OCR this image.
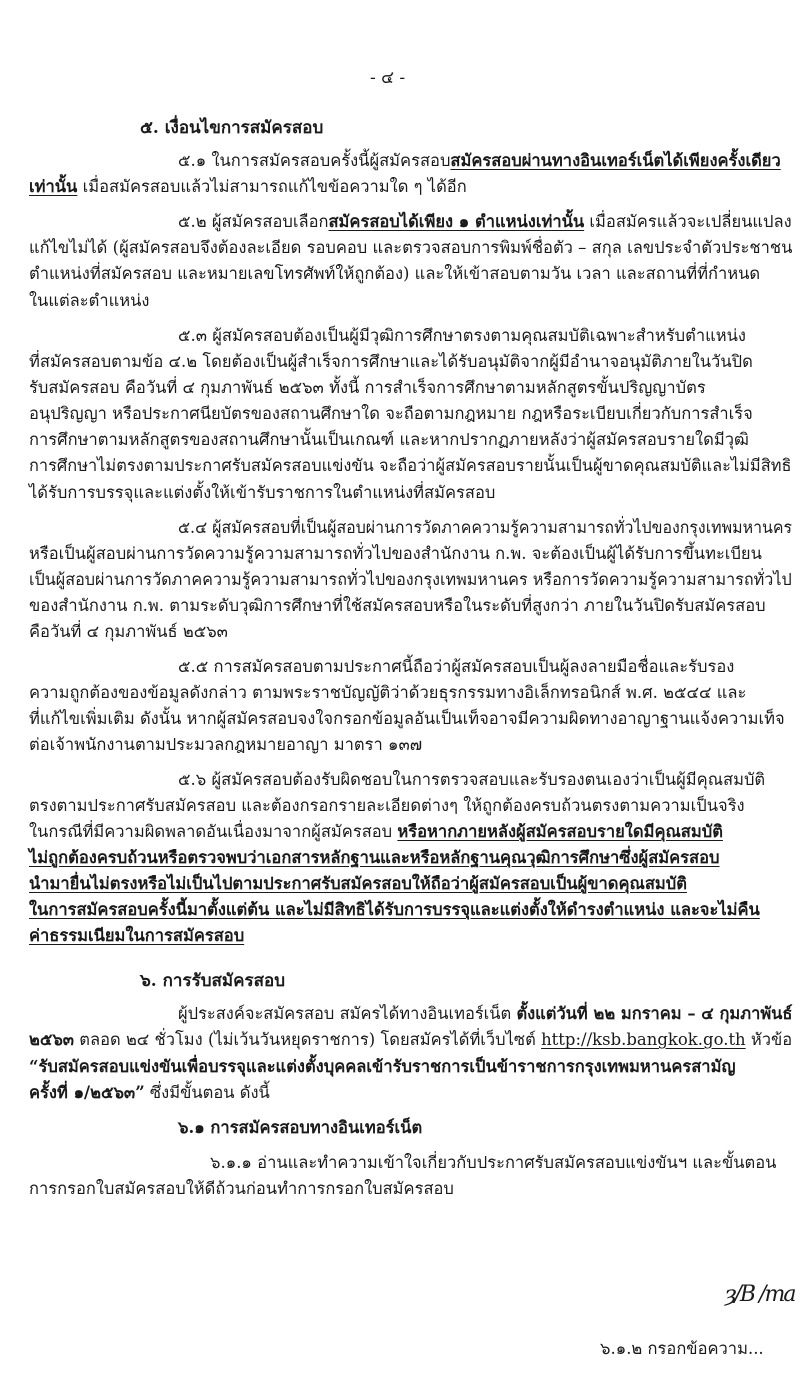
- ๔ -
๕. เงื่อนไขการสมัครสอบ
๕.๑ ในการสมัครสอบครั้งนี้ผู้สมัครสอบสมัครสอบผ่านทางอินเทอร์เน็ตได้เพียงครั้งเดียว
เท่านั้น เมื่อสมัครสอบแล้วไม่สามารถแก้ไขข้อความใด ๆ ได้อีก
๕.๒ ผู้สมัครสอบเลือกสมัครสอบได้เพียง ๑ ตำแหน่งเท่านั้น เมื่อสมัครแล้วจะเปลี่ยนแปลง
แก้ไขไม่ได้ (ผู้สมัครสอบจึงต้องละเอียด รอบคอบ และตรวจสอบการพิมพ์ชื่อตัว – สกุล เลขประจำตัวประชาชน
ตำแหน่งที่สมัครสอบ และหมายเลขโทรศัพท์ให้ถูกต้อง) และให้เข้าสอบตามวัน เวลา และสถานที่ที่กำหนด
ในแต่ละตำแหน่ง
๕.๓ ผู้สมัครสอบต้องเป็นผู้มีวุฒิการศึกษาตรงตามคุณสมบัติเฉพาะสำหรับตำแหน่ง
ที่สมัครสอบตามข้อ ๔.๒ โดยต้องเป็นผู้สำเร็จการศึกษาและได้รับอนุมัติจากผู้มีอำนาจอนุมัติภายในวันปิด
รับสมัครสอบ คือวันที่ ๔ กุมภาพันธ์ ๒๕๖๓ ทั้งนี้ การสำเร็จการศึกษาตามหลักสูตรขั้นปริญญาบัตร
อนุปริญญา หรือประกาศนียบัตรของสถานศึกษาใด จะถือตามกฎหมาย กฎหรือระเบียบเกี่ยวกับการสำเร็จ
การศึกษาตามหลักสูตรของสถานศึกษานั้นเป็นเกณฑ์ และหากปรากฏภายหลังว่าผู้สมัครสอบรายใดมีวุฒิ
การศึกษาไม่ตรงตามประกาศรับสมัครสอบแข่งขัน จะถือว่าผู้สมัครสอบรายนั้นเป็นผู้ขาดคุณสมบัติและไม่มีสิทธิ
ได้รับการบรรจุและแต่งตั้งให้เข้ารับราชการในตำแหน่งที่สมัครสอบ
๕.๔ ผู้สมัครสอบที่เป็นผู้สอบผ่านการวัดภาคความรู้ความสามารถทั่วไปของกรุงเทพมหานคร
หรือเป็นผู้สอบผ่านการวัดความรู้ความสามารถทั่วไปของสำนักงาน ก.พ. จะต้องเป็นผู้ได้รับการขึ้นทะเบียน
เป็นผู้สอบผ่านการวัดภาคความรู้ความสามารถทั่วไปของกรุงเทพมหานคร หรือการวัดความรู้ความสามารถทั่วไป
ของสำนักงาน ก.พ. ตามระดับวุฒิการศึกษาที่ใช้สมัครสอบหรือในระดับที่สูงกว่า ภายในวันปิดรับสมัครสอบ
คือวันที่ ๔ กุมภาพันธ์ ๒๕๖๓
๕.๕ การสมัครสอบตามประกาศนี้ถือว่าผู้สมัครสอบเป็นผู้ลงลายมือชื่อและรับรอง
ความถูกต้องของข้อมูลดังกล่าว ตามพระราชบัญญัติว่าด้วยธุรกรรมทางอิเล็กทรอนิกส์ พ.ศ. ๒๕๔๔ และ
ที่แก้ไขเพิ่มเติม ดังนั้น หากผู้สมัครสอบจงใจกรอกข้อมูลอันเป็นเท็จอาจมีความผิดทางอาญาฐานแจ้งความเท็จ
ต่อเจ้าพนักงานตามประมวลกฎหมายอาญา มาตรา ๑๓๗
๕.๖ ผู้สมัครสอบต้องรับผิดชอบในการตรวจสอบและรับรองตนเองว่าเป็นผู้มีคุณสมบัติ
ตรงตามประกาศรับสมัครสอบ และต้องกรอกรายละเอียดต่างๆ ให้ถูกต้องครบถ้วนตรงตามความเป็นจริง
ในกรณีที่มีความผิดพลาดอันเนื่องมาจากผู้สมัครสอบ หรือหากภายหลังผู้สมัครสอบรายใดมีคุณสมบัติ
ไม่ถูกต้องครบถ้วนหรือตรวจพบว่าเอกสารหลักฐานและหรือหลักฐานคุณวุฒิการศึกษาซึ่งผู้สมัครสอบ
นำมายื่นไม่ตรงหรือไม่เป็นไปตามประกาศรับสมัครสอบให้ถือว่าผู้สมัครสอบเป็นผู้ขาดคุณสมบัติ
ในการสมัครสอบครั้งนี้มาตั้งแต่ต้น และไม่มีสิทธิได้รับการบรรจุและแต่งตั้งให้ดำรงตำแหน่ง และจะไม่คืน
ค่าธรรมเนียมในการสมัครสอบ
๖. การรับสมัครสอบ
ผู้ประสงค์จะสมัครสอบ สมัครได้ทางอินเทอร์เน็ต ตั้งแต่วันที่ ๒๒ มกราคม – ๔ กุมภาพันธ์
๒๕๖๓ ตลอด ๒๔ ชั่วโมง (ไม่เว้นวันหยุดราชการ) โดยสมัครได้ที่เว็บไซต์ http://ksb.bangkok.go.th หัวข้อ
“รับสมัครสอบแข่งขันเพื่อบรรจุและแต่งตั้งบุคคลเข้ารับราชการเป็นข้าราชการกรุงเทพมหานครสามัญ
ครั้งที่ ๑/๒๕๖๓” ซึ่งมีขั้นตอน ดังนี้
๖.๑ การสมัครสอบทางอินเทอร์เน็ต
๖.๑.๑ อ่านและทำความเข้าใจเกี่ยวกับประกาศรับสมัครสอบแข่งขันฯ และขั้นตอน
การกรอกใบสมัครสอบให้ดีถ้วนก่อนทำการกรอกใบสมัครสอบ
ȝ/B /ma
๖.๑.๒ กรอกข้อความ...
